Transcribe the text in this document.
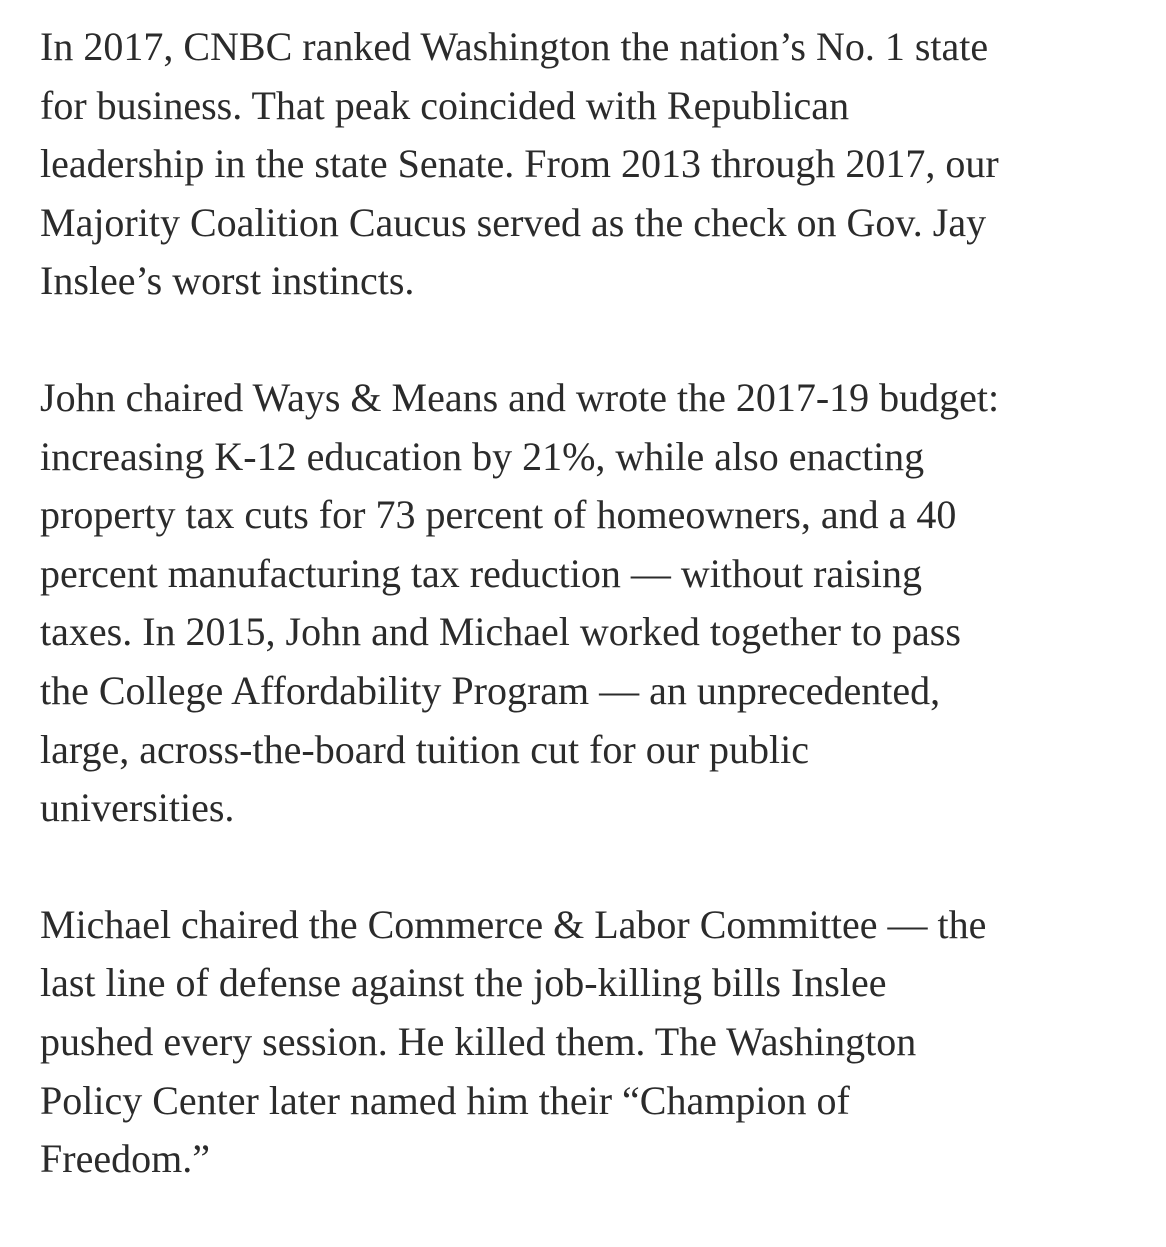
In 2017, CNBC ranked Washington the nation’s No. 1 state
for business. That peak coincided with Republican
leadership in the state Senate. From 2013 through 2017, our
Majority Coalition Caucus served as the check on Gov. Jay
Inslee’s worst instincts.

John chaired Ways & Means and wrote the 2017-19 budget:
increasing K-12 education by 21%, while also enacting
property tax cuts for 73 percent of homeowners, and a 40
percent manufacturing tax reduction — without raising
taxes. In 2015, John and Michael worked together to pass
the College Affordability Program — an unprecedented,
large, across-the-board tuition cut for our public
universities.

Michael chaired the Commerce & Labor Committee — the
last line of defense against the job-killing bills Inslee
pushed every session. He killed them. The Washington
Policy Center later named him their “Champion of
Freedom.”
